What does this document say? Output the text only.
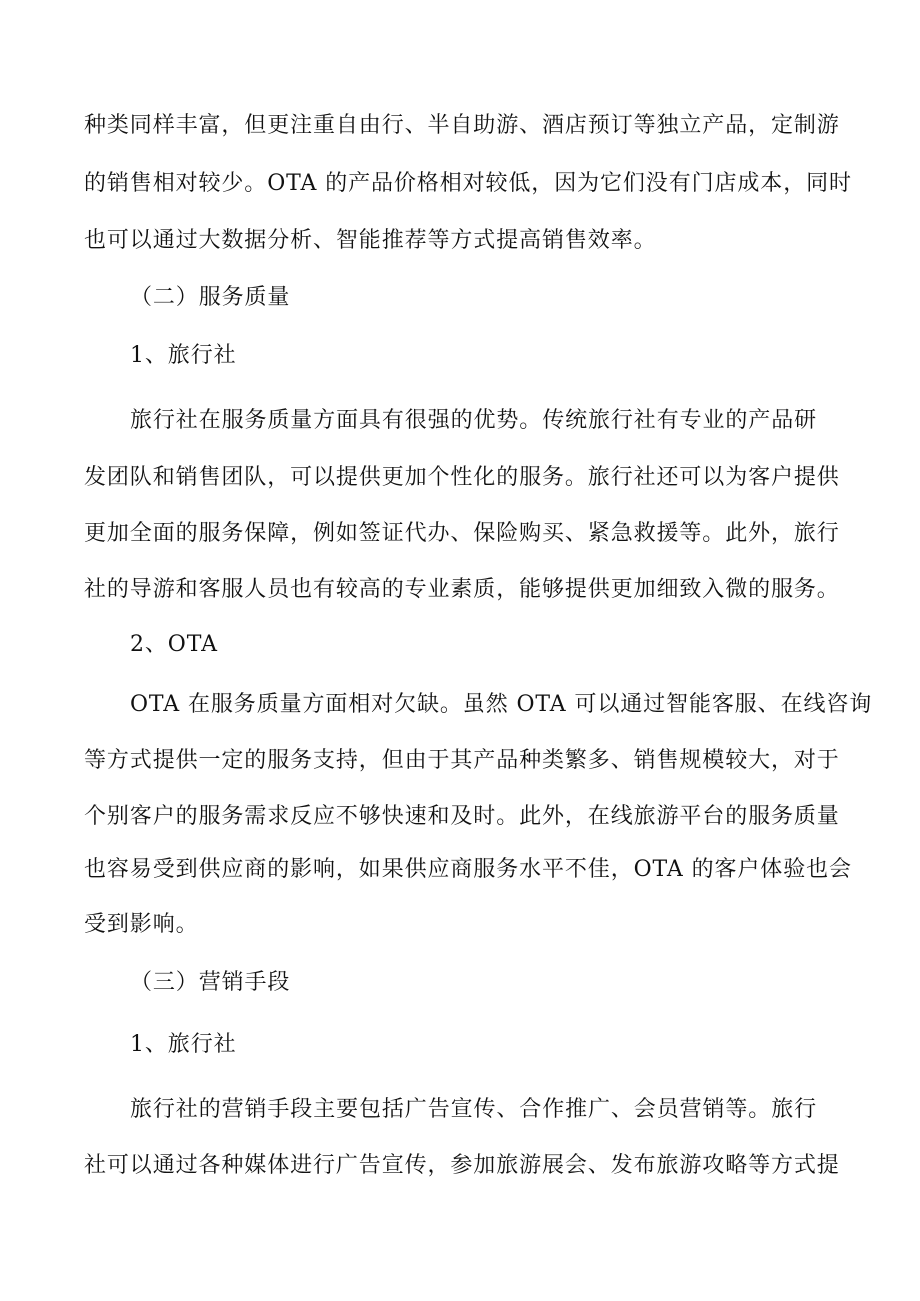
种类同样丰富，但更注重自由行、半自助游、酒店预订等独立产品，定制游
的销售相对较少。OTA 的产品价格相对较低，因为它们没有门店成本，同时
也可以通过大数据分析、智能推荐等方式提高销售效率。
（二）服务质量
1、旅行社
旅行社在服务质量方面具有很强的优势。传统旅行社有专业的产品研
发团队和销售团队，可以提供更加个性化的服务。旅行社还可以为客户提供
更加全面的服务保障，例如签证代办、保险购买、紧急救援等。此外，旅行
社的导游和客服人员也有较高的专业素质，能够提供更加细致入微的服务。
2、OTA
OTA 在服务质量方面相对欠缺。虽然 OTA 可以通过智能客服、在线咨询
等方式提供一定的服务支持，但由于其产品种类繁多、销售规模较大，对于
个别客户的服务需求反应不够快速和及时。此外，在线旅游平台的服务质量
也容易受到供应商的影响，如果供应商服务水平不佳，OTA 的客户体验也会
受到影响。
（三）营销手段
1、旅行社
旅行社的营销手段主要包括广告宣传、合作推广、会员营销等。旅行
社可以通过各种媒体进行广告宣传，参加旅游展会、发布旅游攻略等方式提
